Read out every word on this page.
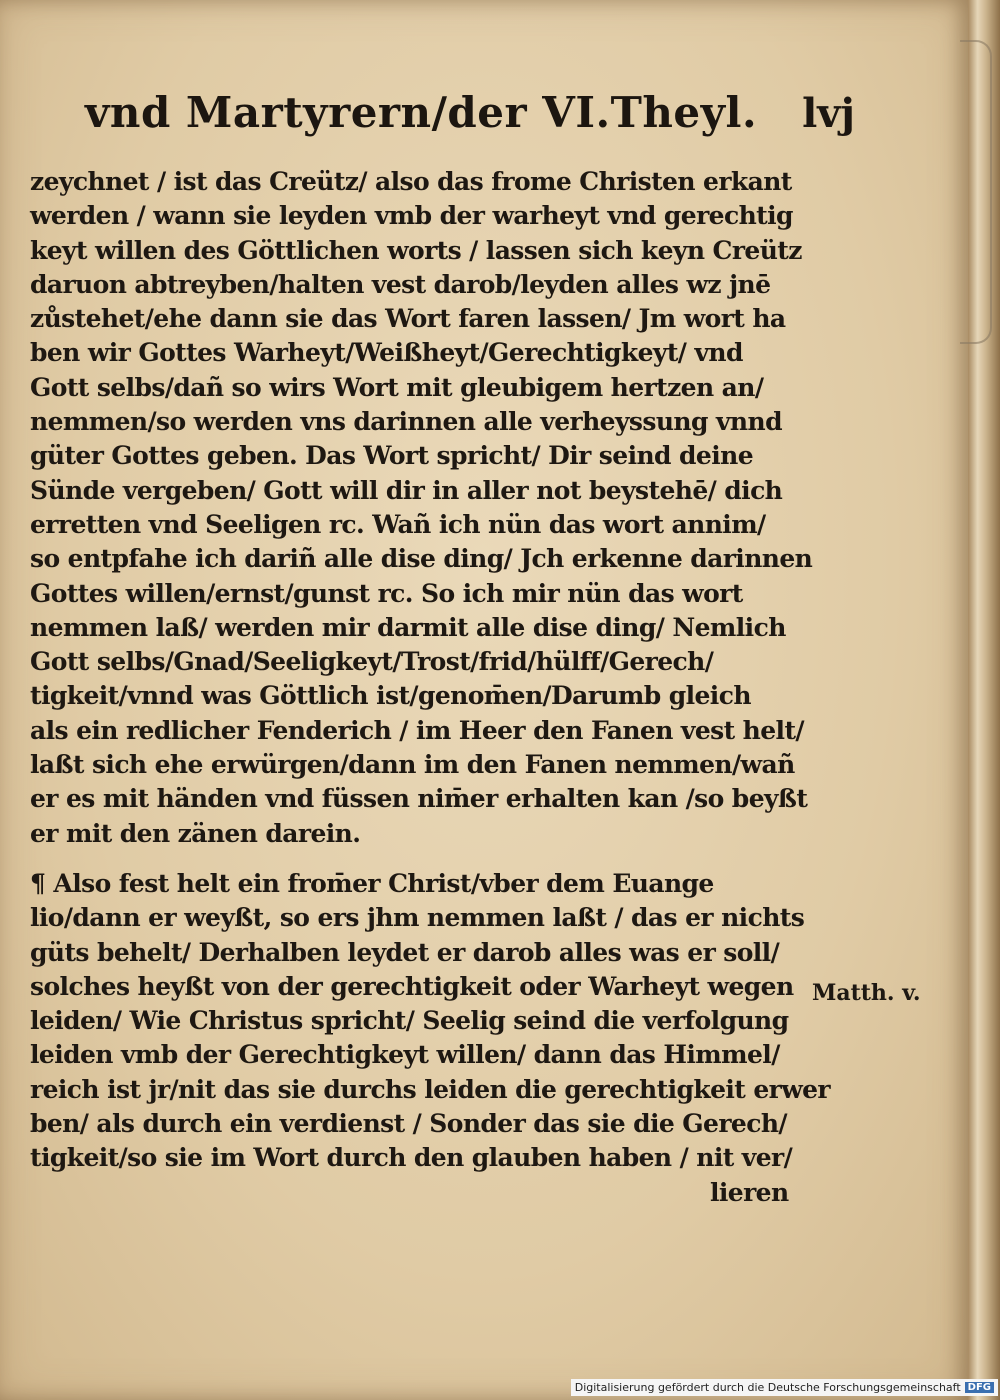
vnd Martyrern/der VI.Theyl. lvj
zeychnet / ist das Creütz/ also das frome Christen erkant
werden / wann sie leyden vmb der warheyt vnd gerechtig
keyt willen des Göttlichen worts / lassen sich keyn Creütz
daruon abtreyben/halten vest darob/leyden alles wz jnē
zůstehet/ehe dann sie das Wort faren lassen/ Jm wort ha
ben wir Gottes Warheyt/Weißheyt/Gerechtigkeyt/ vnd
Gott selbs/dañ so wirs Wort mit gleubigem hertzen an/
nemmen/so werden vns darinnen alle verheyssung vnnd
güter Gottes geben. Das Wort spricht/ Dir seind deine
Sünde vergeben/ Gott will dir in aller not beystehē/ dich
erretten vnd Seeligen rc. Wañ ich nün das wort annim/
so entpfahe ich dariñ alle dise ding/ Jch erkenne darinnen
Gottes willen/ernst/gunst rc. So ich mir nün das wort
nemmen laß/ werden mir darmit alle dise ding/ Nemlich
Gott selbs/Gnad/Seeligkeyt/Trost/frid/hülff/Gerech/
tigkeit/vnnd was Göttlich ist/genom̄en/Darumb gleich
als ein redlicher Fenderich / im Heer den Fanen vest helt/
laßt sich ehe erwürgen/dann im den Fanen nemmen/wañ
er es mit händen vnd füssen nim̄er erhalten kan /so beyßt
er mit den zänen darein.
¶ Also fest helt ein from̄er Christ/vber dem Euange
lio/dann er weyßt, so ers jhm nemmen laßt / das er nichts
güts behelt/ Derhalben leydet er darob alles was er soll/
solches heyßt von der gerechtigkeit oder Warheyt wegen
leiden/ Wie Christus spricht/ Seelig seind die verfolgung
leiden vmb der Gerechtigkeyt willen/ dann das Himmel/
reich ist jr/nit das sie durchs leiden die gerechtigkeit erwer
ben/ als durch ein verdienst / Sonder das sie die Gerech/
tigkeit/so sie im Wort durch den glauben haben / nit ver/
lieren
Matth. v.
Digitalisierung gefördert durch die Deutsche Forschungsgemeinschaft DFG
